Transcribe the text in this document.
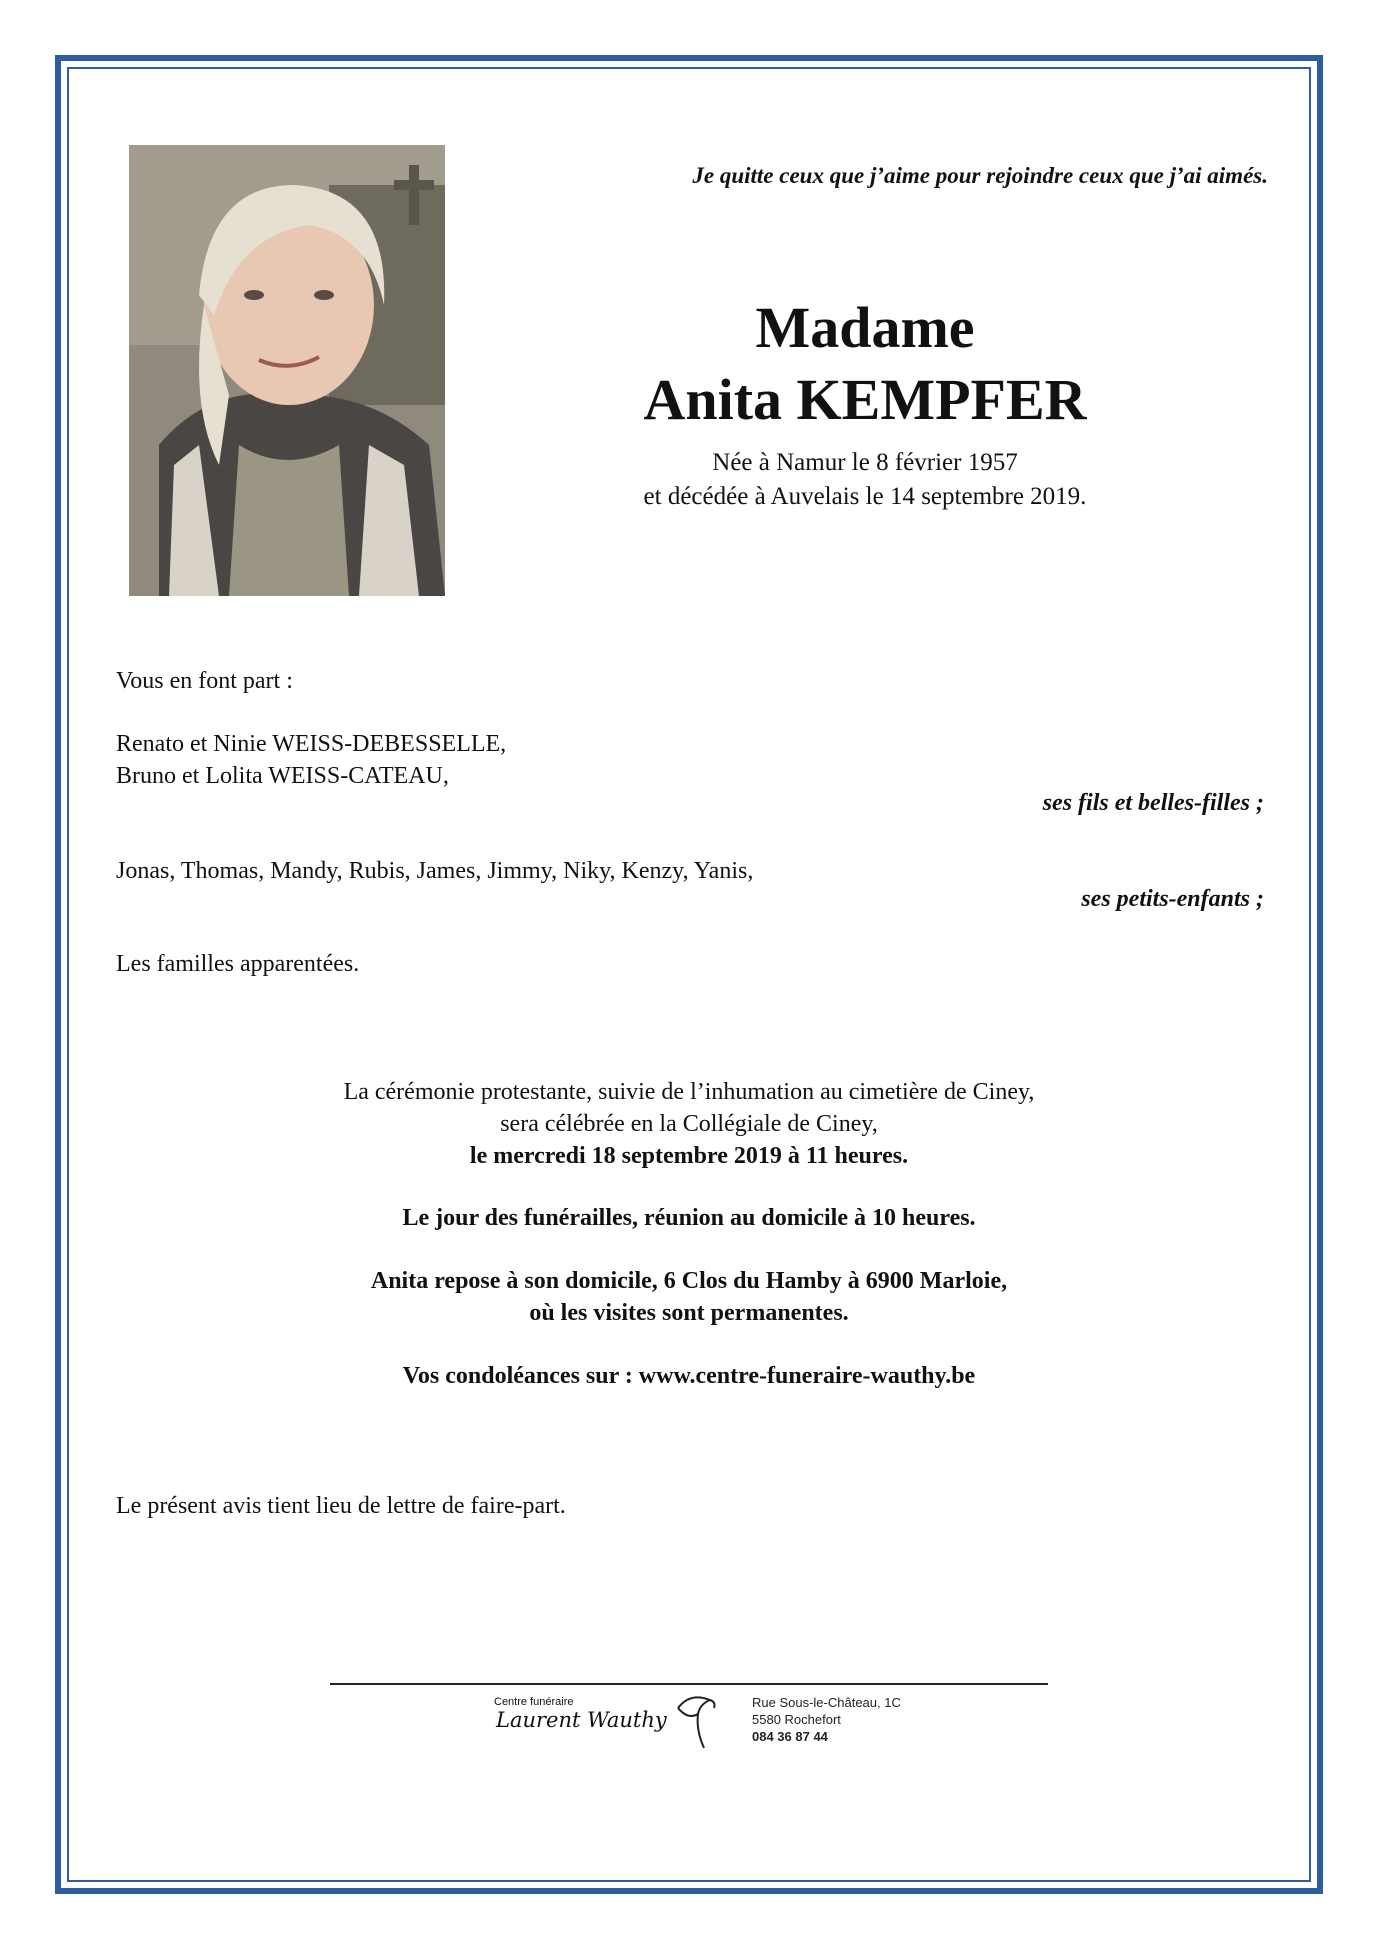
Je quitte ceux que j’aime pour rejoindre ceux que j’ai aimés.
Madame
Anita KEMPFER
Née à Namur le 8 février 1957
et décédée à Auvelais le 14 septembre 2019.
Vous en font part :
Renato et Ninie WEISS-DEBESSELLE,
Bruno et Lolita WEISS-CATEAU,
ses fils et belles-filles ;
Jonas, Thomas, Mandy, Rubis, James, Jimmy, Niky, Kenzy, Yanis,
ses petits-enfants ;
Les familles apparentées.
La cérémonie protestante, suivie de l’inhumation au cimetière de Ciney,
sera célébrée en la Collégiale de Ciney,
le mercredi 18 septembre 2019 à 11 heures.
Le jour des funérailles, réunion au domicile à 10 heures.
Anita repose à son domicile, 6 Clos du Hamby à 6900 Marloie,
où les visites sont permanentes.
Vos condoléances sur : www.centre-funeraire-wauthy.be
Le présent avis tient lieu de lettre de faire-part.
Centre funéraire
Laurent Wauthy
Rue Sous-le-Château, 1C
5580 Rochefort
084 36 87 44
